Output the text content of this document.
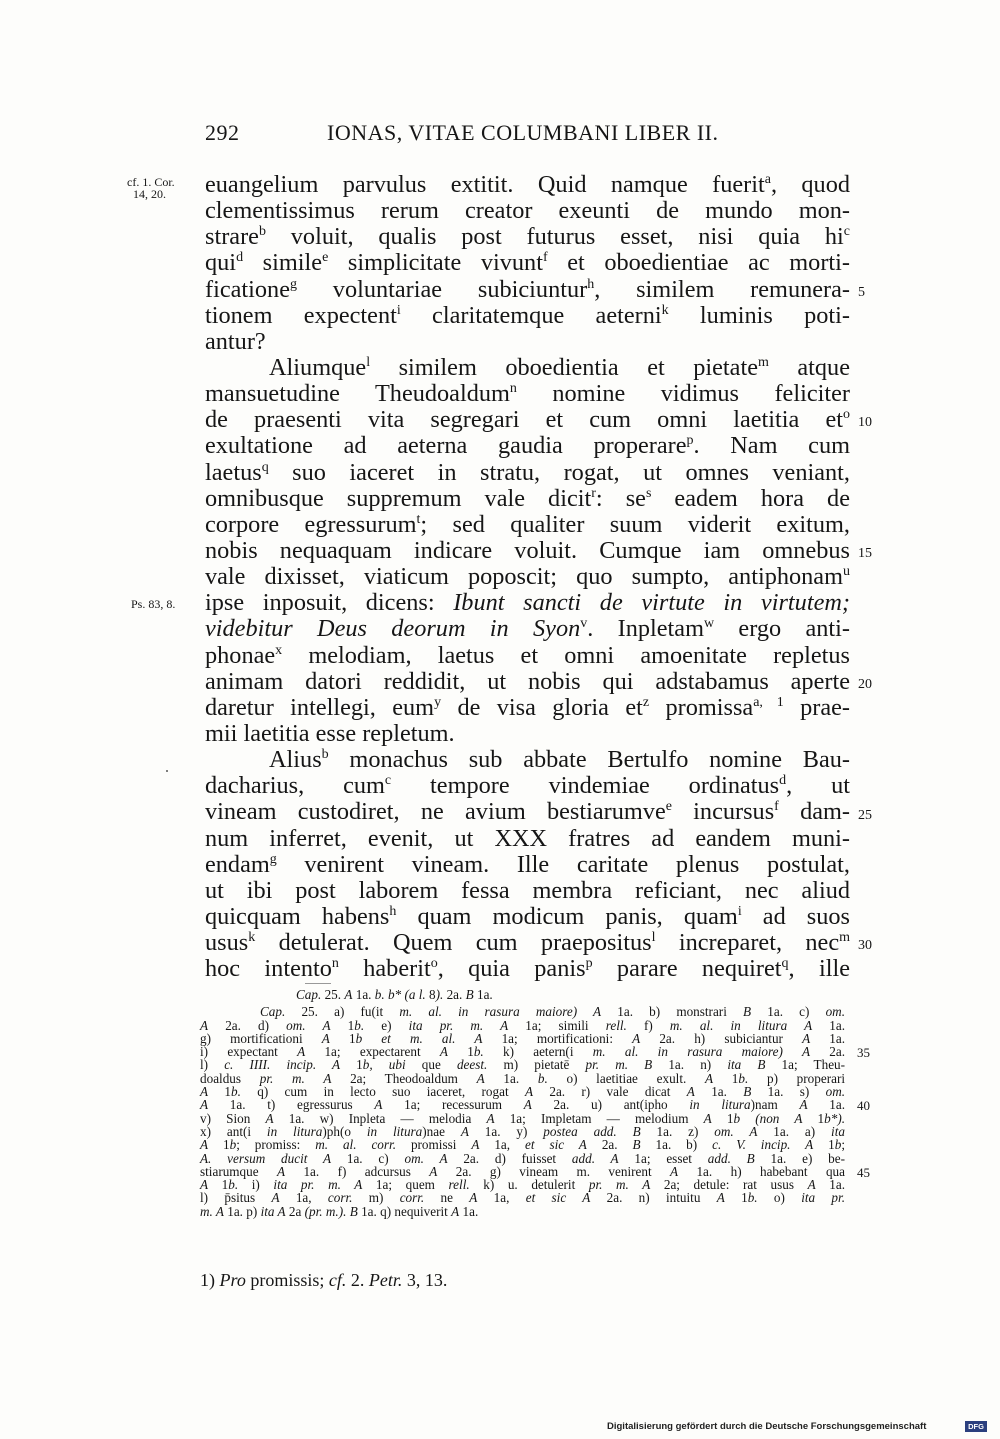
292	IONAS, VITAE COLUMBANI LIBER II.
cf. 1. Cor.
14, 20.
Ps. 83, 8.
euangelium parvulus extitit. Quid namque fuerit$^a$, quod
clementissimus rerum creator exeunti de mundo mon-
strare$^b$ voluit, qualis post futurus esset, nisi quia $hi^c$
qui$^d$ simile$^e$ simplicitate vivunt$^f$ et oboedientiae ac morti-
ficatione$^g$ voluntariae subiciuntur$^h$, similem remunera-
tionem expectent$^i$ claritatemque aeterni$^k$ luminis poti-
antur?
Aliumque$^l$ similem oboedientia et pietate$^m$ atque
mansuetudine Theudoaldum$^n$ nomine vidimus feliciter
de praesenti vita segregari et cum omni laetitia $et^o$
exultatione ad aeterna gaudia properare$^p$. Nam cum
laetus$^q$ suo iaceret in stratu, rogat, ut omnes veniant,
omnibusque suppremum vale dicit$^r$: $se^s$ eadem hora de
corpore egressurum$^t$; sed qualiter suum viderit exitum,
nobis nequaquam indicare voluit. Cumque iam omnebus
vale dixisset, viaticum poposcit; quo sumpto, antiphonam$^u$
ipse inposuit, dicens: Ibunt sancti de virtute in virtutem;
videbitur Deus deorum in Syon$^v$. Inpletam$^w$ ergo anti-
phonae$^x$ melodiam, laetus et omni amoenitate repletus
animam datori reddidit, ut nobis qui adstabamus aperte
daretur intellegi, eum$^y$ de visa gloria $et^z$ promissa$^{a, 1}$ prae-
mii laetitia esse repletum.
Alius$^b$ monachus sub abbate Bertulfo nomine Bau-
dacharius, cum$^c$ tempore vindemiae ordinatus$^d$, ut
vineam custodiret, ne avium bestiarumve$^e$ incursus$^f$ dam-
num inferret, evenit, ut XXX fratres ad eandem muni-
endam$^g$ venirent vineam. Ille caritate plenus postulat,
ut ibi post laborem fessa membra reficiant, nec aliud
quicquam habens$^h$ quam modicum panis, quam$^i$ ad suos
usus$^k$ detulerat. Quem cum praepositus$^l$ increparet, nec$^m$
hoc intento$^n$ haberit$^o$, quia panis$^p$ parare nequiret$^q$, ille
5
10
15
20
25
30
Cap. 25. A 1a. b. b* (a l. 8). 2a. B 1a.
Cap. 25. a) fu(it m. al. in rasura maiore) A 1a. b) monstrari B 1a. c) om.
A 2a. d) om. A 1b. e) ita pr. m. A 1a; simili rell. f) m. al. in litura A 1a.
g) mortificationi A 1b et m. al. A 1a; mortificationi: A 2a. h) subiciantur A 1a.
i) expectant A 1a; expectarent A 1b. k) aetern(i m. al. in rasura maiore) A 2a.
l) c. IIII. incip. A 1b, ubi que deest. m) pietatē pr. m. B 1a. n) ita B 1a; Theu-
doaldus pr. m. A 2a; Theodoaldum A 1a. b. o) laetitiae exult. A 1b. p) properari
A 1b. q) cum in lecto suo iaceret, rogat A 2a. r) vale dicat A 1a. B 1a. s) om.
A 1a. t) egressurus A 1a; recessurum A 2a. u) ant(ipho in litura)nam A 1a.
v) Sion A 1a. w) Inpleta — melodia A 1a; Impletam — melodium A 1b (non A 1b*).
x) ant(i in litura)ph(o in litura)nae A 1a. y) postea add. B 1a. z) om. A 1a. a) ita
A 1b; promiss: m. al. corr. promissi A 1a, et sic A 2a. B 1a. b) c. V. incip. A 1b;
A. versum ducit A 1a. c) om. A 2a. d) fuisset add. A 1a; esset add. B 1a. e) be-
stiarumque A 1a. f) adcursus A 2a. g) vineam m. venirent A 1a. h) habebant qua
A 1b. i) ita pr. m. A 1a; quem rell. k) u. detulerit pr. m. A 2a; detule: rat usus A 1a.
l) p̄situs A 1a, corr. m) corr. ne A 1a, et sic A 2a. n) intuitu A 1b. o) ita pr.
m. A 1a. p) ita A 2a (pr. m.). B 1a. q) nequiverit A 1a.
35
40
45
1) Pro promissis; cf. 2. Petr. 3, 13.
Digitalisierung gefördert durch die Deutsche Forschungsgemeinschaft	DFG
